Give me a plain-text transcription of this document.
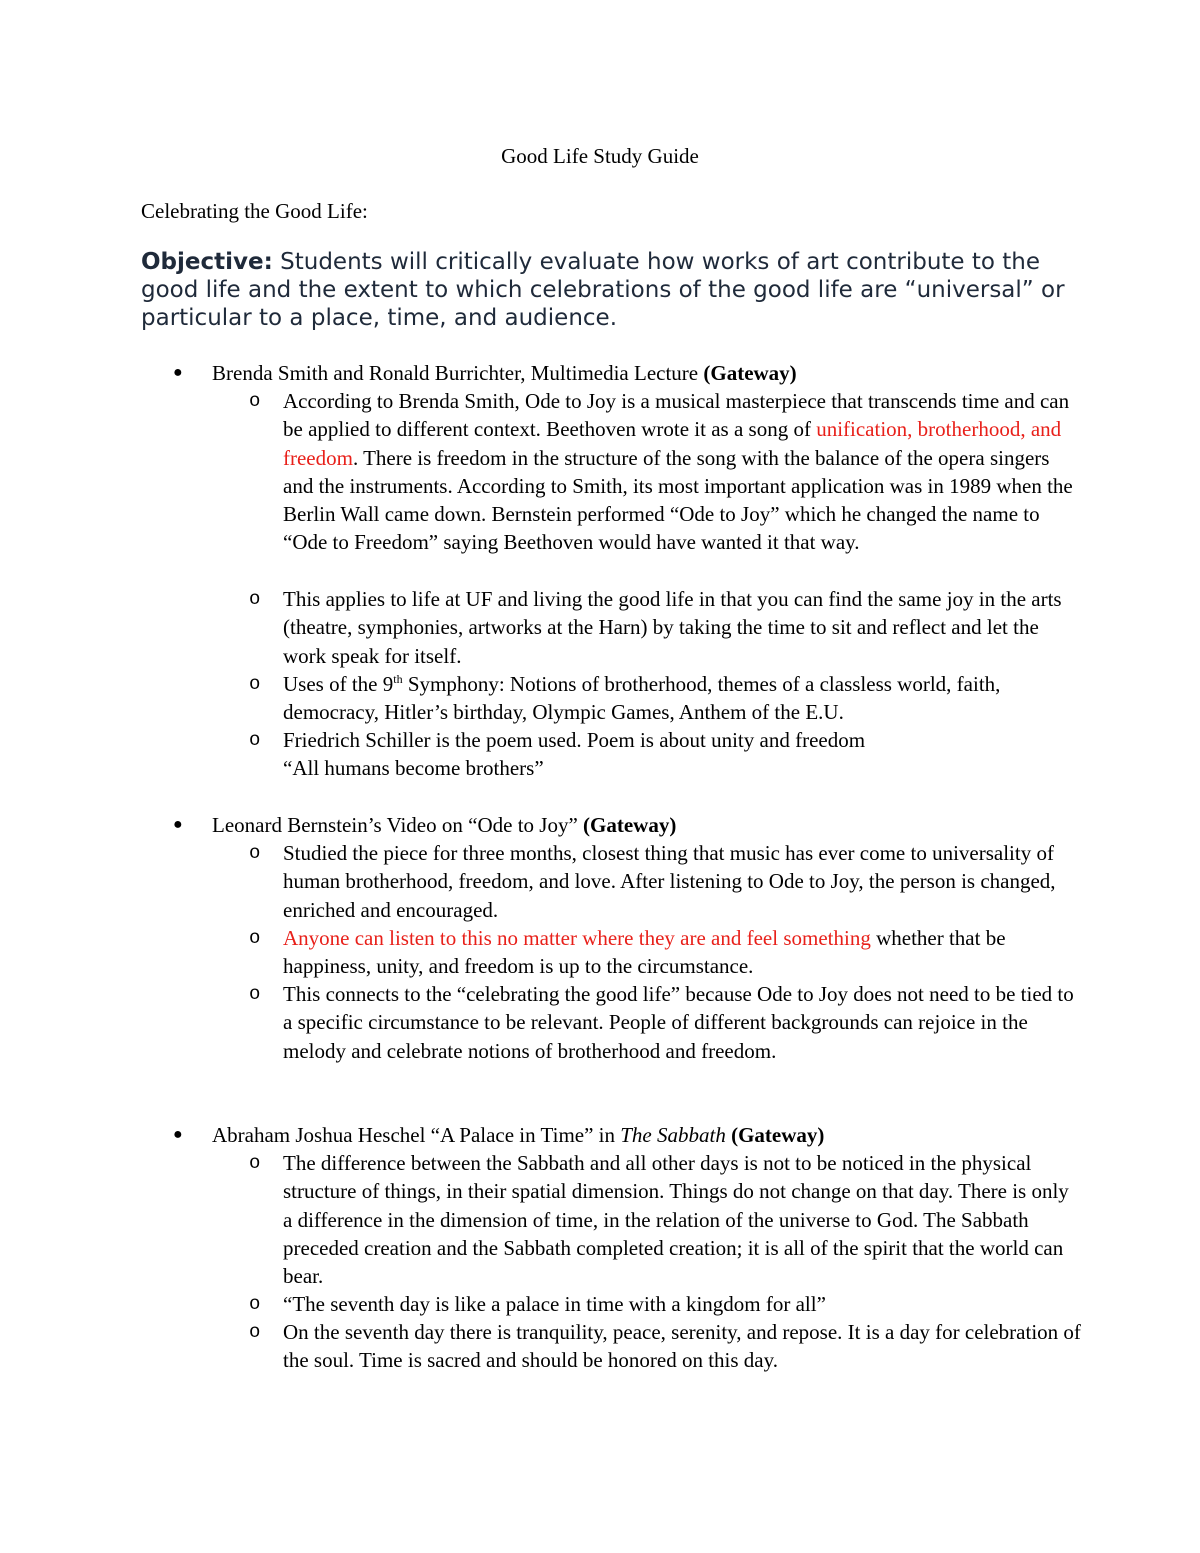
Good Life Study Guide
Celebrating the Good Life:
Objective: Students will critically evaluate how works of art contribute to the good life and the extent to which celebrations of the good life are “universal” or particular to a place, time, and audience.
● Brenda Smith and Ronald Burrichter, Multimedia Lecture (Gateway)
o According to Brenda Smith, Ode to Joy is a musical masterpiece that transcends time and can be applied to different context. Beethoven wrote it as a song of unification, brotherhood, and freedom. There is freedom in the structure of the song with the balance of the opera singers and the instruments. According to Smith, its most important application was in 1989 when the Berlin Wall came down. Bernstein performed “Ode to Joy” which he changed the name to “Ode to Freedom” saying Beethoven would have wanted it that way.
o This applies to life at UF and living the good life in that you can find the same joy in the arts (theatre, symphonies, artworks at the Harn) by taking the time to sit and reflect and let the work speak for itself.
o Uses of the 9th Symphony: Notions of brotherhood, themes of a classless world, faith, democracy, Hitler’s birthday, Olympic Games, Anthem of the E.U.
o Friedrich Schiller is the poem used. Poem is about unity and freedom
“All humans become brothers”
● Leonard Bernstein’s Video on “Ode to Joy” (Gateway)
o Studied the piece for three months, closest thing that music has ever come to universality of human brotherhood, freedom, and love. After listening to Ode to Joy, the person is changed, enriched and encouraged.
o Anyone can listen to this no matter where they are and feel something whether that be happiness, unity, and freedom is up to the circumstance.
o This connects to the “celebrating the good life” because Ode to Joy does not need to be tied to a specific circumstance to be relevant. People of different backgrounds can rejoice in the melody and celebrate notions of brotherhood and freedom.
● Abraham Joshua Heschel “A Palace in Time” in The Sabbath (Gateway)
o The difference between the Sabbath and all other days is not to be noticed in the physical structure of things, in their spatial dimension. Things do not change on that day. There is only a difference in the dimension of time, in the relation of the universe to God. The Sabbath preceded creation and the Sabbath completed creation; it is all of the spirit that the world can bear.
o “The seventh day is like a palace in time with a kingdom for all”
o On the seventh day there is tranquility, peace, serenity, and repose. It is a day for celebration of the soul. Time is sacred and should be honored on this day.
